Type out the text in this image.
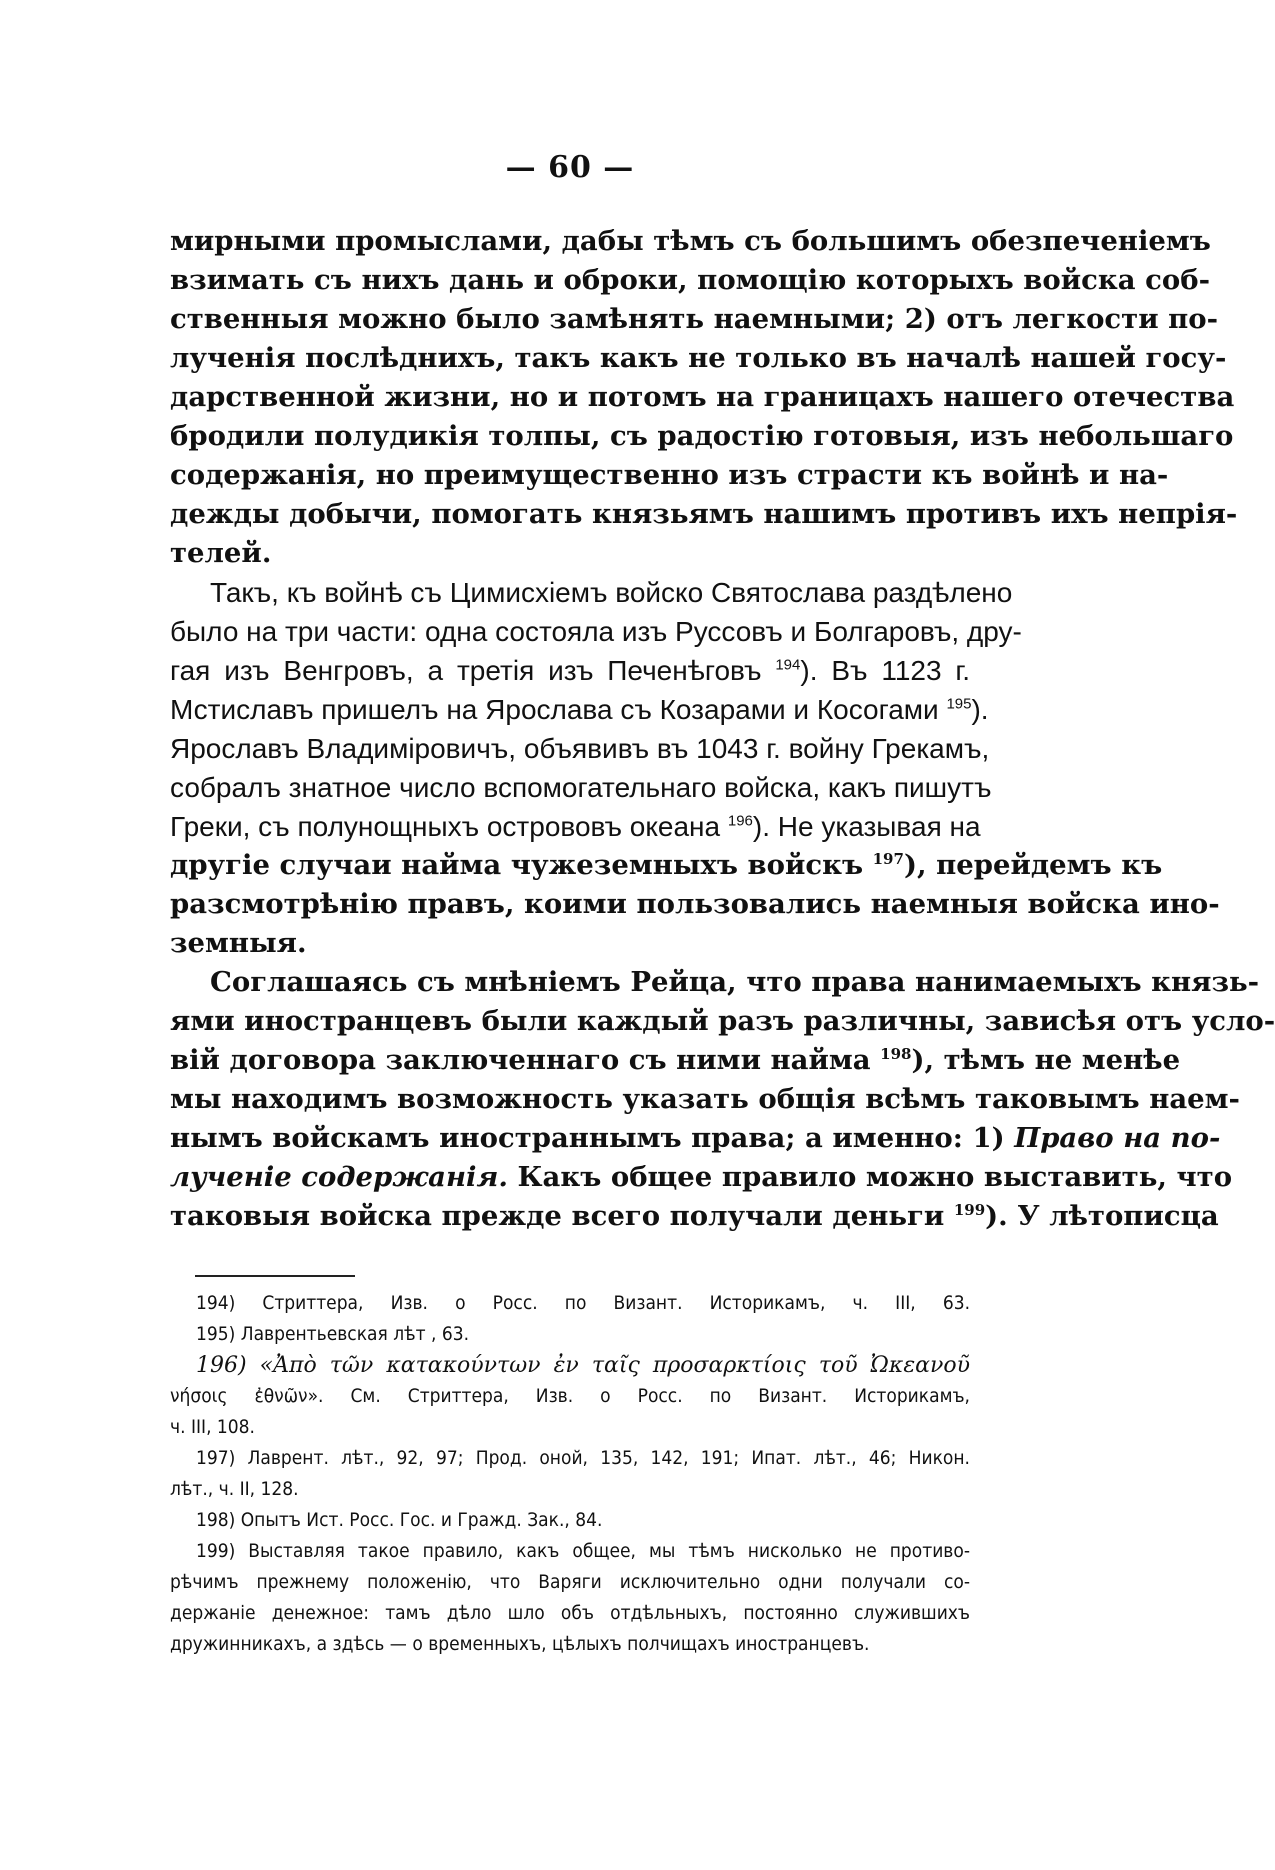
— 60 —
мирными промыслами, дабы тѣмъ съ большимъ обезпеченіемъ
взимать съ нихъ дань и оброки, помощію которыхъ войска соб-
ственныя можно было замѣнять наемными; 2) отъ легкости по-
лученія послѣднихъ, такъ какъ не только въ началѣ нашей госу-
дарственной жизни, но и потомъ на границахъ нашего отечества
бродили полудикія толпы, съ радостію готовыя, изъ небольшаго
содержанія, но преимущественно изъ страсти къ войнѣ и на-
дежды добычи, помогать князьямъ нашимъ противъ ихъ непрія-
телей.
Такъ, къ войнѣ съ Цимисхіемъ войско Святослава раздѣлено
было на три части: одна состояла изъ Руссовъ и Болгаровъ, дру-
гая изъ Венгровъ, а третія изъ Печенѣговъ $^{194}$). Въ 1123 г.
Мстиславъ пришелъ на Ярослава съ Козарами и Косогами $^{195}$).
Ярославъ Владиміровичъ, объявивъ въ 1043 г. войну Грекамъ,
собралъ знатное число вспомогательнаго войска, какъ пишутъ
Греки, съ полунощныхъ острововъ океана $^{196}$). Не указывая на
другіе случаи найма чужеземныхъ войскъ $^{197}$), перейдемъ къ
разсмотрѣнію правъ, коими пользовались наемныя войска ино-
земныя.
Соглашаясь съ мнѣніемъ Рейца, что права нанимаемыхъ князь-
ями иностранцевъ были каждый разъ различны, зависѣя отъ усло-
вій договора заключеннаго съ ними найма $^{198}$), тѣмъ не менѣе
мы находимъ возможность указать общія всѣмъ таковымъ наем-
нымъ войскамъ иностраннымъ права; а именно: 1) Право на по-
лученіе содержанія. Какъ общее правило можно выставить, что
таковыя войска прежде всего получали деньги $^{199}$). У лѣтописца
194) Стриттера, Изв. о Росс. по Визант. Историкамъ, ч. III, 63.
195) Лаврентьевская лѣт , 63.
196) «Ἀπὸ τῶν κατακούντων ἐν ταῖς προσαρκτίοις τοῦ Ὠκεανοῦ
νήσοις ἐθνῶν». См. Стриттера, Изв. о Росс. по Визант. Историкамъ,
ч. III, 108.
197) Лаврент. лѣт., 92, 97; Прод. оной, 135, 142, 191; Ипат. лѣт., 46; Никон.
лѣт., ч. II, 128.
198) Опытъ Ист. Росс. Гос. и Гражд. Зак., 84.
199) Выставляя такое правило, какъ общее, мы тѣмъ нисколько не противо-
рѣчимъ прежнему положенію, что Варяги исключительно одни получали со-
держаніе денежное: тамъ дѣло шло объ отдѣльныхъ, постоянно служившихъ
дружинникахъ, а здѣсь — о временныхъ, цѣлыхъ полчищахъ иностранцевъ.
